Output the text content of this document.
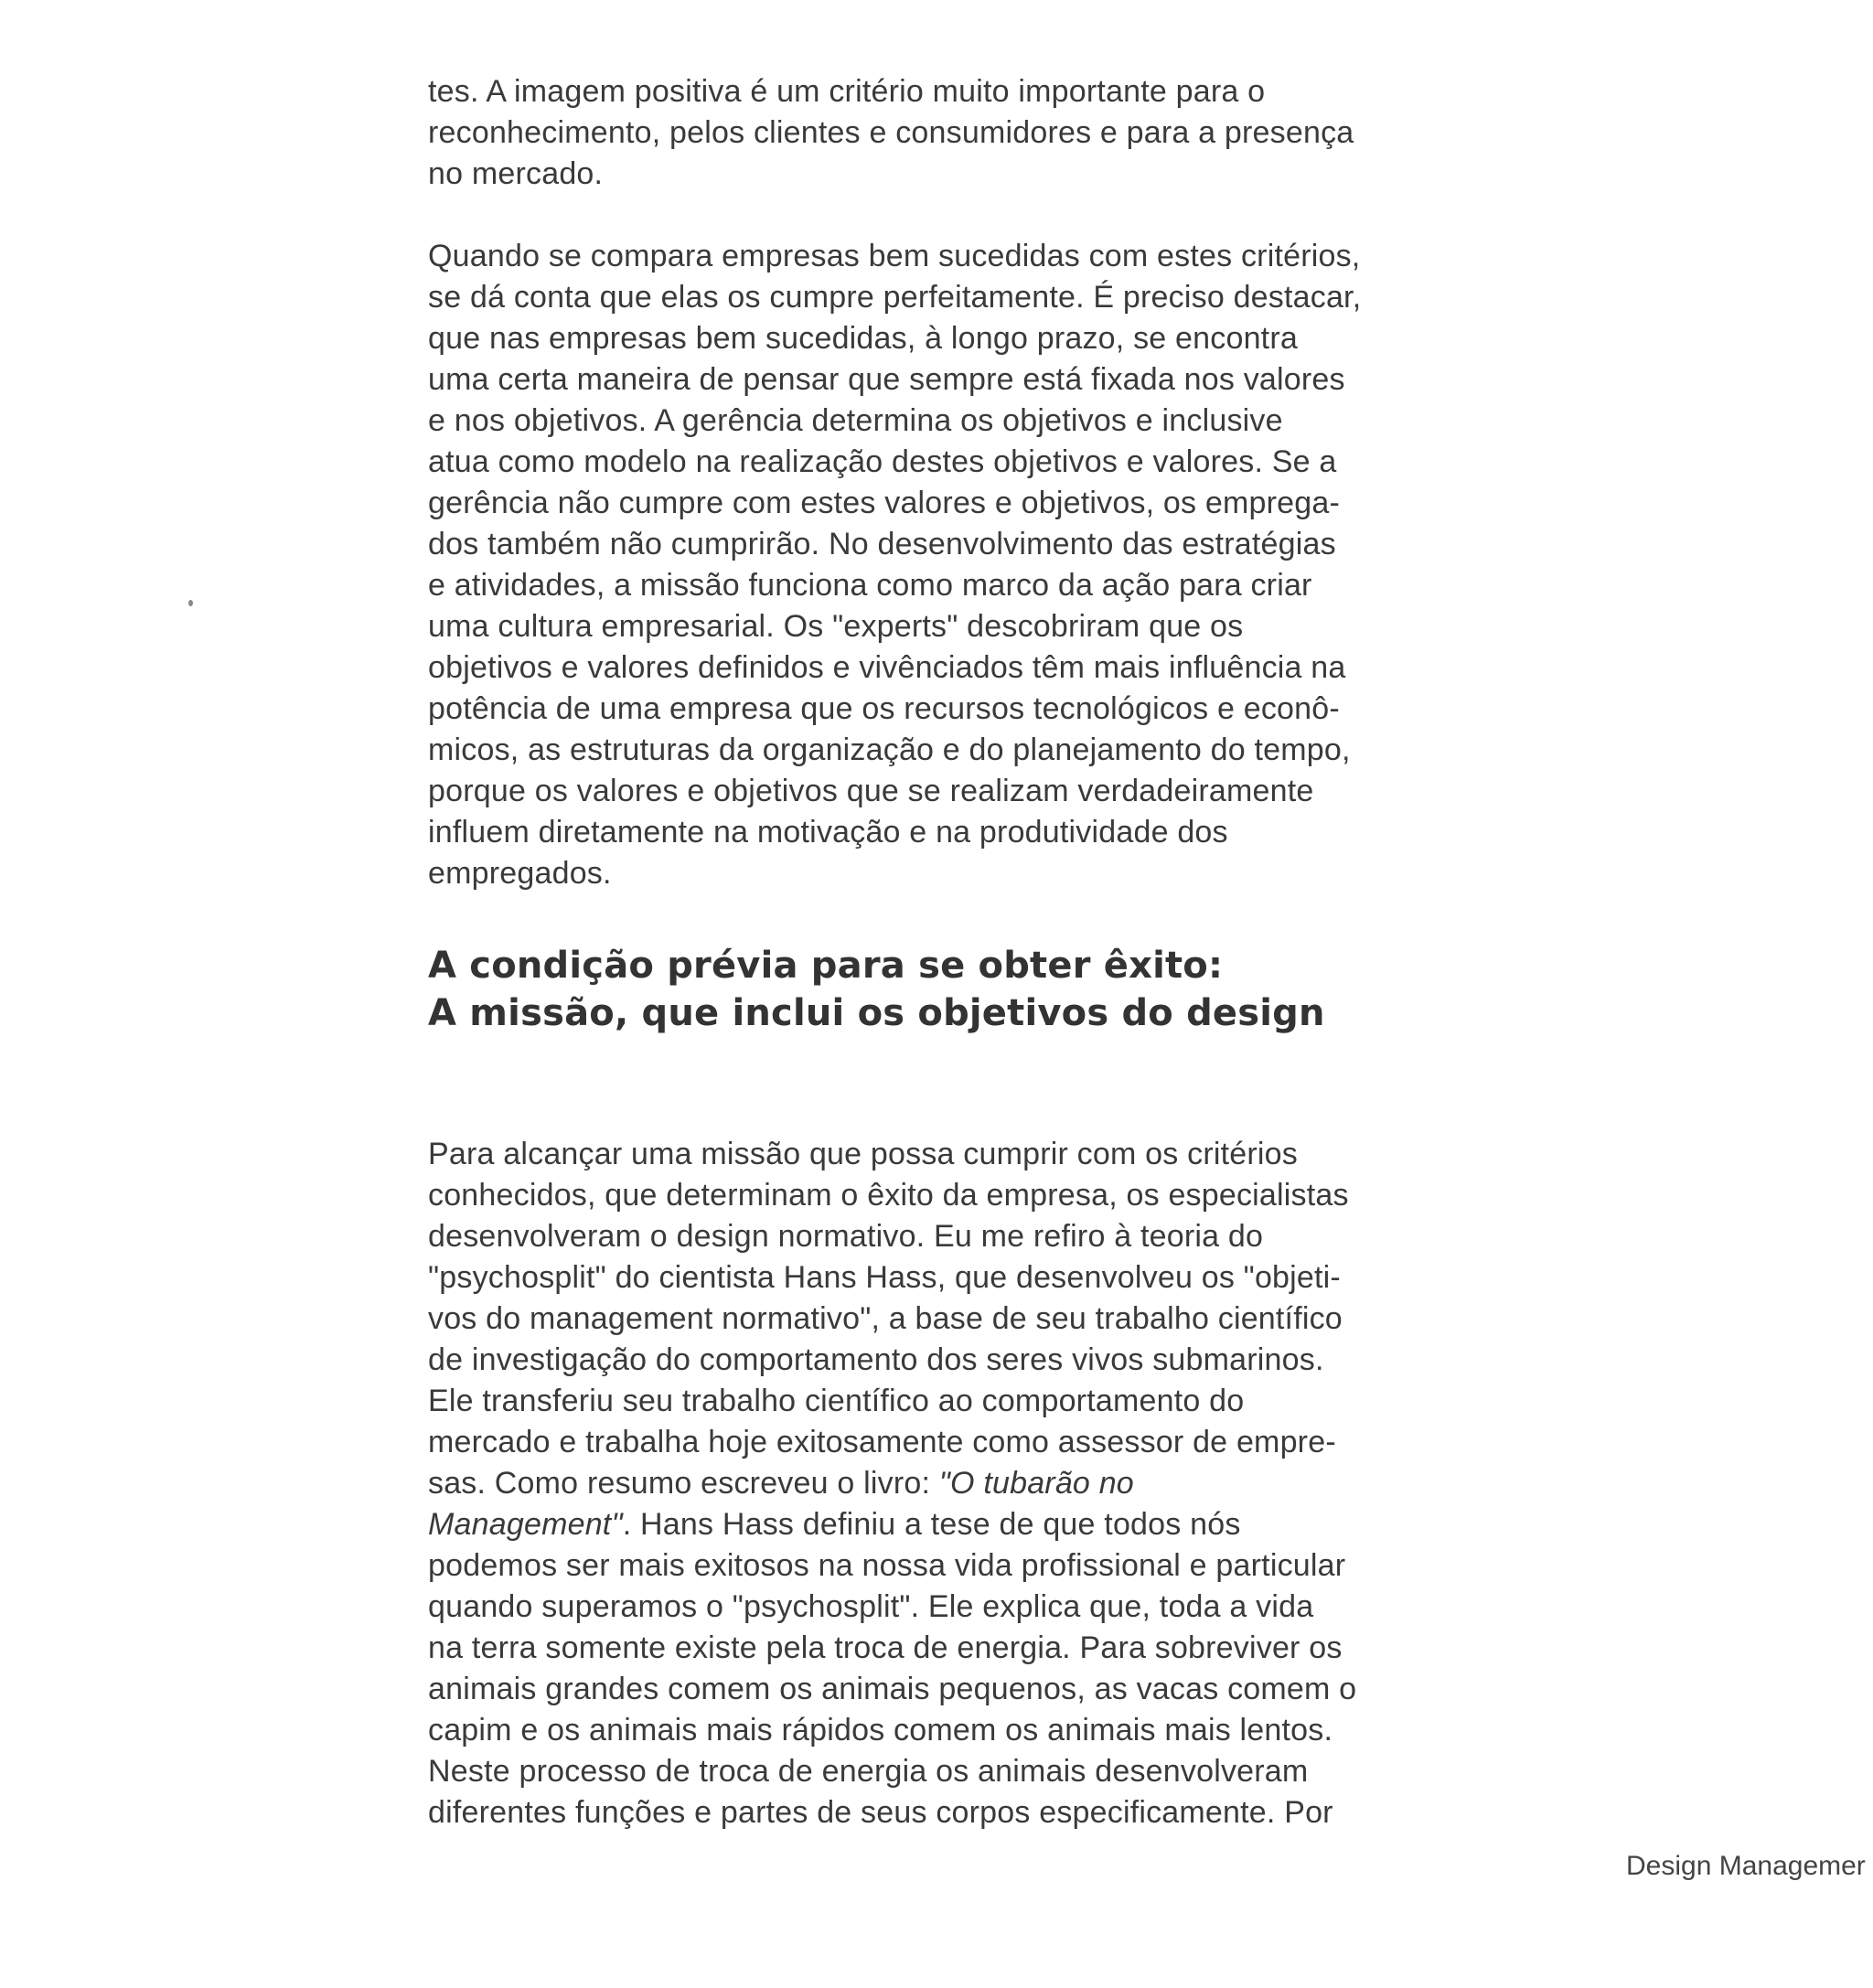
tes. A imagem positiva é um critério muito importante para o
reconhecimento, pelos clientes e consumidores e para a presença
no mercado.

Quando se compara empresas bem sucedidas com estes critérios,
se dá conta que elas os cumpre perfeitamente. É preciso destacar,
que nas empresas bem sucedidas, à longo prazo, se encontra
uma certa maneira de pensar que sempre está fixada nos valores
e nos objetivos. A gerência determina os objetivos e inclusive
atua como modelo na realização destes objetivos e valores. Se a
gerência não cumpre com estes valores e objetivos, os emprega-
dos também não cumprirão. No desenvolvimento das estratégias
e atividades, a missão funciona como marco da ação para criar
uma cultura empresarial. Os "experts" descobriram que os
objetivos e valores definidos e vivênciados têm mais influência na
potência de uma empresa que os recursos tecnológicos e econô-
micos, as estruturas da organização e do planejamento do tempo,
porque os valores e objetivos que se realizam verdadeiramente
influem diretamente na motivação e na produtividade dos
empregados.

A condição prévia para se obter êxito:
A missão, que inclui os objetivos do design

Para alcançar uma missão que possa cumprir com os critérios
conhecidos, que determinam o êxito da empresa, os especialistas
desenvolveram o design normativo. Eu me refiro à teoria do
"psychosplit" do cientista Hans Hass, que desenvolveu os "objeti-
vos do management normativo", a base de seu trabalho científico
de investigação do comportamento dos seres vivos submarinos.
Ele transferiu seu trabalho científico ao comportamento do
mercado e trabalha hoje exitosamente como assessor de empre-
sas. Como resumo escreveu o livro: "O tubarão no
Management". Hans Hass definiu a tese de que todos nós
podemos ser mais exitosos na nossa vida profissional e particular
quando superamos o "psychosplit". Ele explica que, toda a vida
na terra somente existe pela troca de energia. Para sobreviver os
animais grandes comem os animais pequenos, as vacas comem o
capim e os animais mais rápidos comem os animais mais lentos.
Neste processo de troca de energia os animais desenvolveram
diferentes funções e partes de seus corpos especificamente. Por

Design Managemer
